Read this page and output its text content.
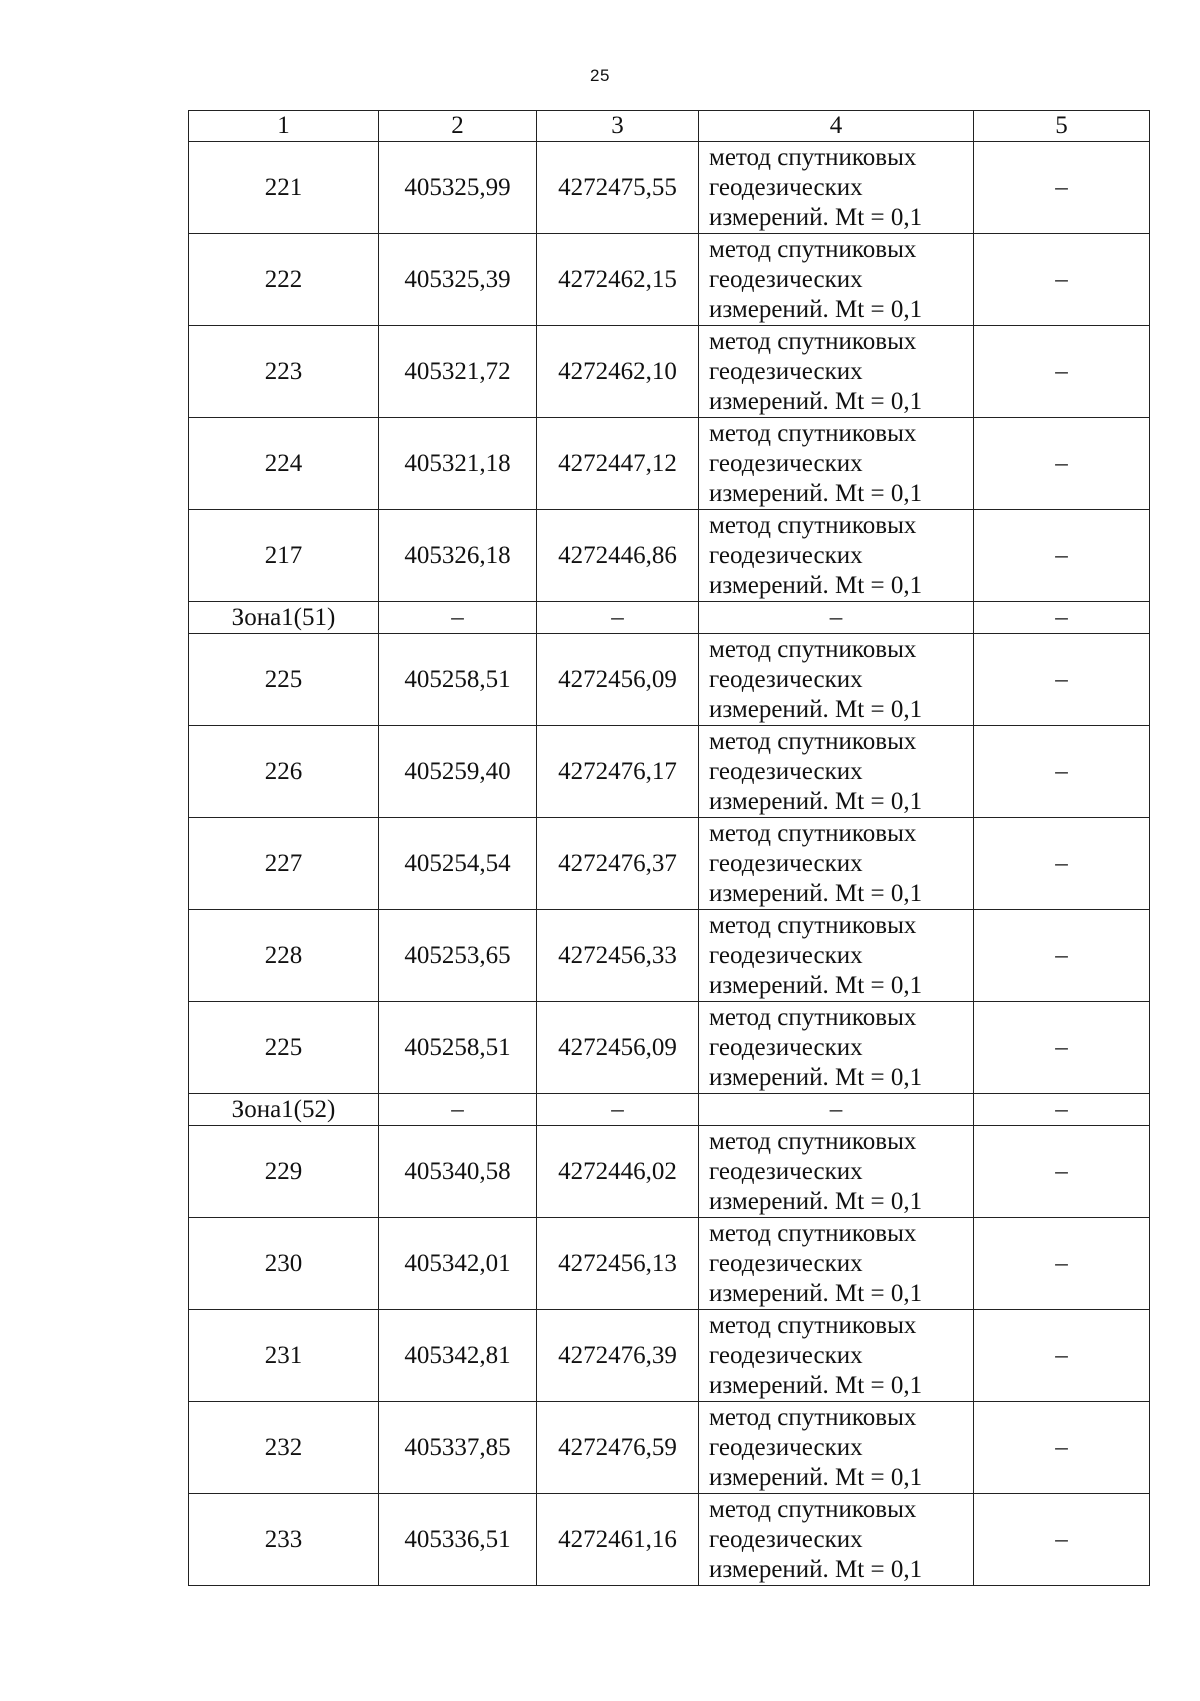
25
1	2	3	4	5
221	405325,99	4272475,55	метод спутниковых
геодезических
измерений. Mt = 0,1	–
222	405325,39	4272462,15	метод спутниковых
геодезических
измерений. Mt = 0,1	–
223	405321,72	4272462,10	метод спутниковых
геодезических
измерений. Mt = 0,1	–
224	405321,18	4272447,12	метод спутниковых
геодезических
измерений. Mt = 0,1	–
217	405326,18	4272446,86	метод спутниковых
геодезических
измерений. Mt = 0,1	–
Зона1(51)	–	–	–	–
225	405258,51	4272456,09	метод спутниковых
геодезических
измерений. Mt = 0,1	–
226	405259,40	4272476,17	метод спутниковых
геодезических
измерений. Mt = 0,1	–
227	405254,54	4272476,37	метод спутниковых
геодезических
измерений. Mt = 0,1	–
228	405253,65	4272456,33	метод спутниковых
геодезических
измерений. Mt = 0,1	–
225	405258,51	4272456,09	метод спутниковых
геодезических
измерений. Mt = 0,1	–
Зона1(52)	–	–	–	–
229	405340,58	4272446,02	метод спутниковых
геодезических
измерений. Mt = 0,1	–
230	405342,01	4272456,13	метод спутниковых
геодезических
измерений. Mt = 0,1	–
231	405342,81	4272476,39	метод спутниковых
геодезических
измерений. Mt = 0,1	–
232	405337,85	4272476,59	метод спутниковых
геодезических
измерений. Mt = 0,1	–
233	405336,51	4272461,16	метод спутниковых
геодезических
измерений. Mt = 0,1	–
